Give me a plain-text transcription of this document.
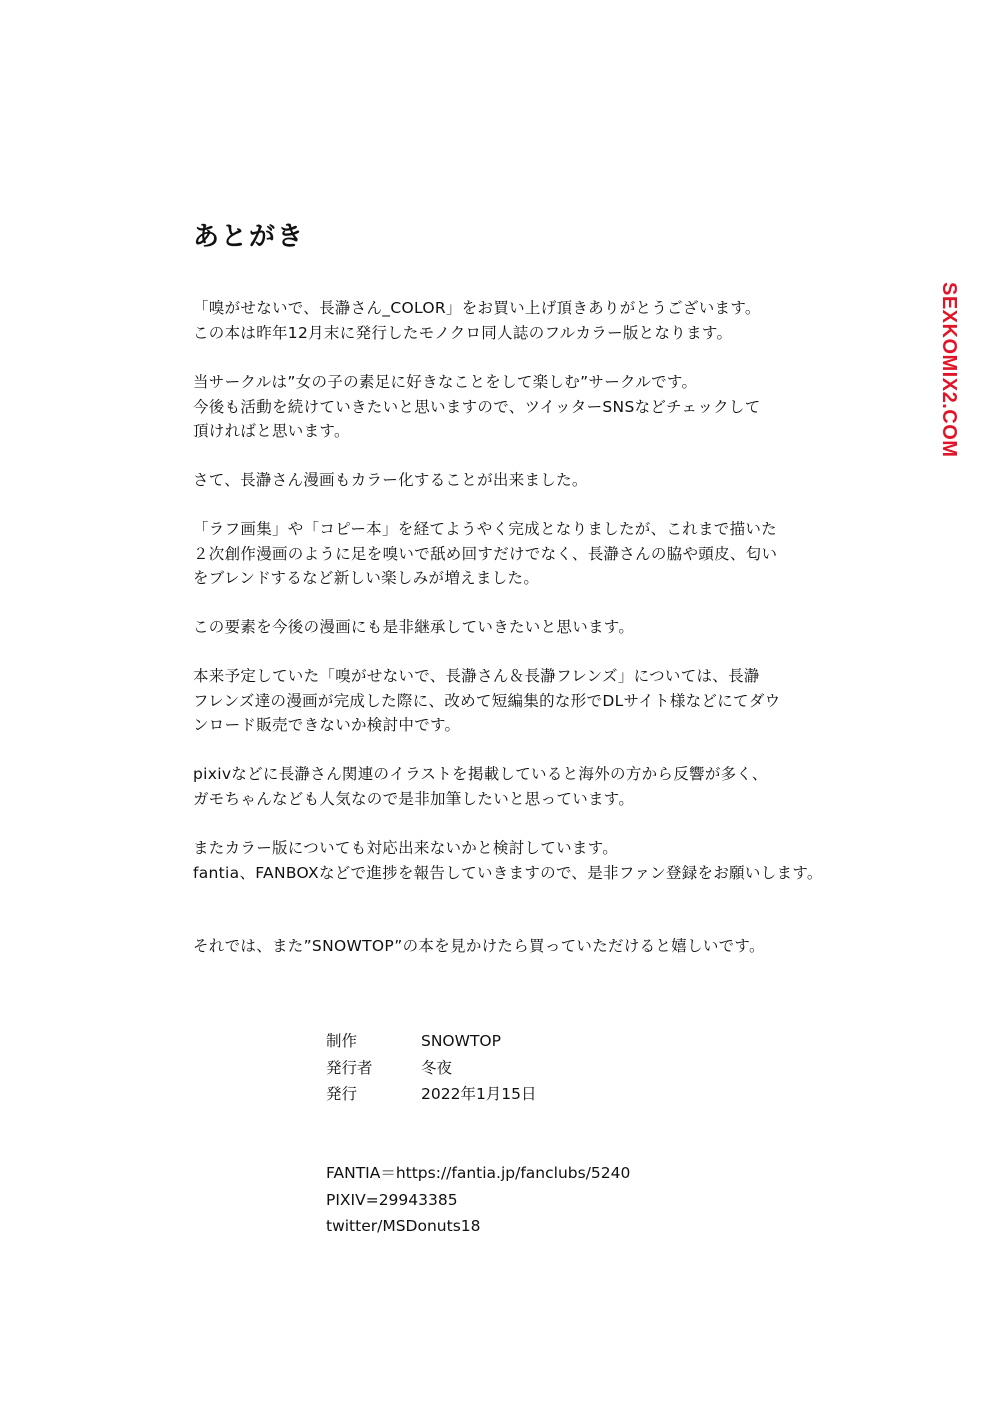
あとがき

「嗅がせないで、長瀞さん_COLOR」をお買い上げ頂きありがとうございます。
この本は昨年12月末に発行したモノクロ同人誌のフルカラー版となります。

当サークルは”女の子の素足に好きなことをして楽しむ”サークルです。
今後も活動を続けていきたいと思いますので、ツイッターSNSなどチェックして
頂ければと思います。

さて、長瀞さん漫画もカラー化することが出来ました。

「ラフ画集」や「コピー本」を経てようやく完成となりましたが、これまで描いた
２次創作漫画のように足を嗅いで舐め回すだけでなく、長瀞さんの脇や頭皮、匂い
をブレンドするなど新しい楽しみが増えました。

この要素を今後の漫画にも是非継承していきたいと思います。

本来予定していた「嗅がせないで、長瀞さん＆長瀞フレンズ」については、長瀞
フレンズ達の漫画が完成した際に、改めて短編集的な形でDLサイト様などにてダウ
ンロード販売できないか検討中です。

pixivなどに長瀞さん関連のイラストを掲載していると海外の方から反響が多く、
ガモちゃんなども人気なので是非加筆したいと思っています。

またカラー版についても対応出来ないかと検討しています。
fantia、FANBOXなどで進捗を報告していきますので、是非ファン登録をお願いします。

それでは、また”SNOWTOP”の本を見かけたら買っていただけると嬉しいです。

制作	SNOWTOP
発行者	冬夜
発行	2022年1月15日
FANTIA＝https://fantia.jp/fanclubs/5240
PIXIV=29943385
twitter/MSDonuts18
SEXKOMIX2.COM
